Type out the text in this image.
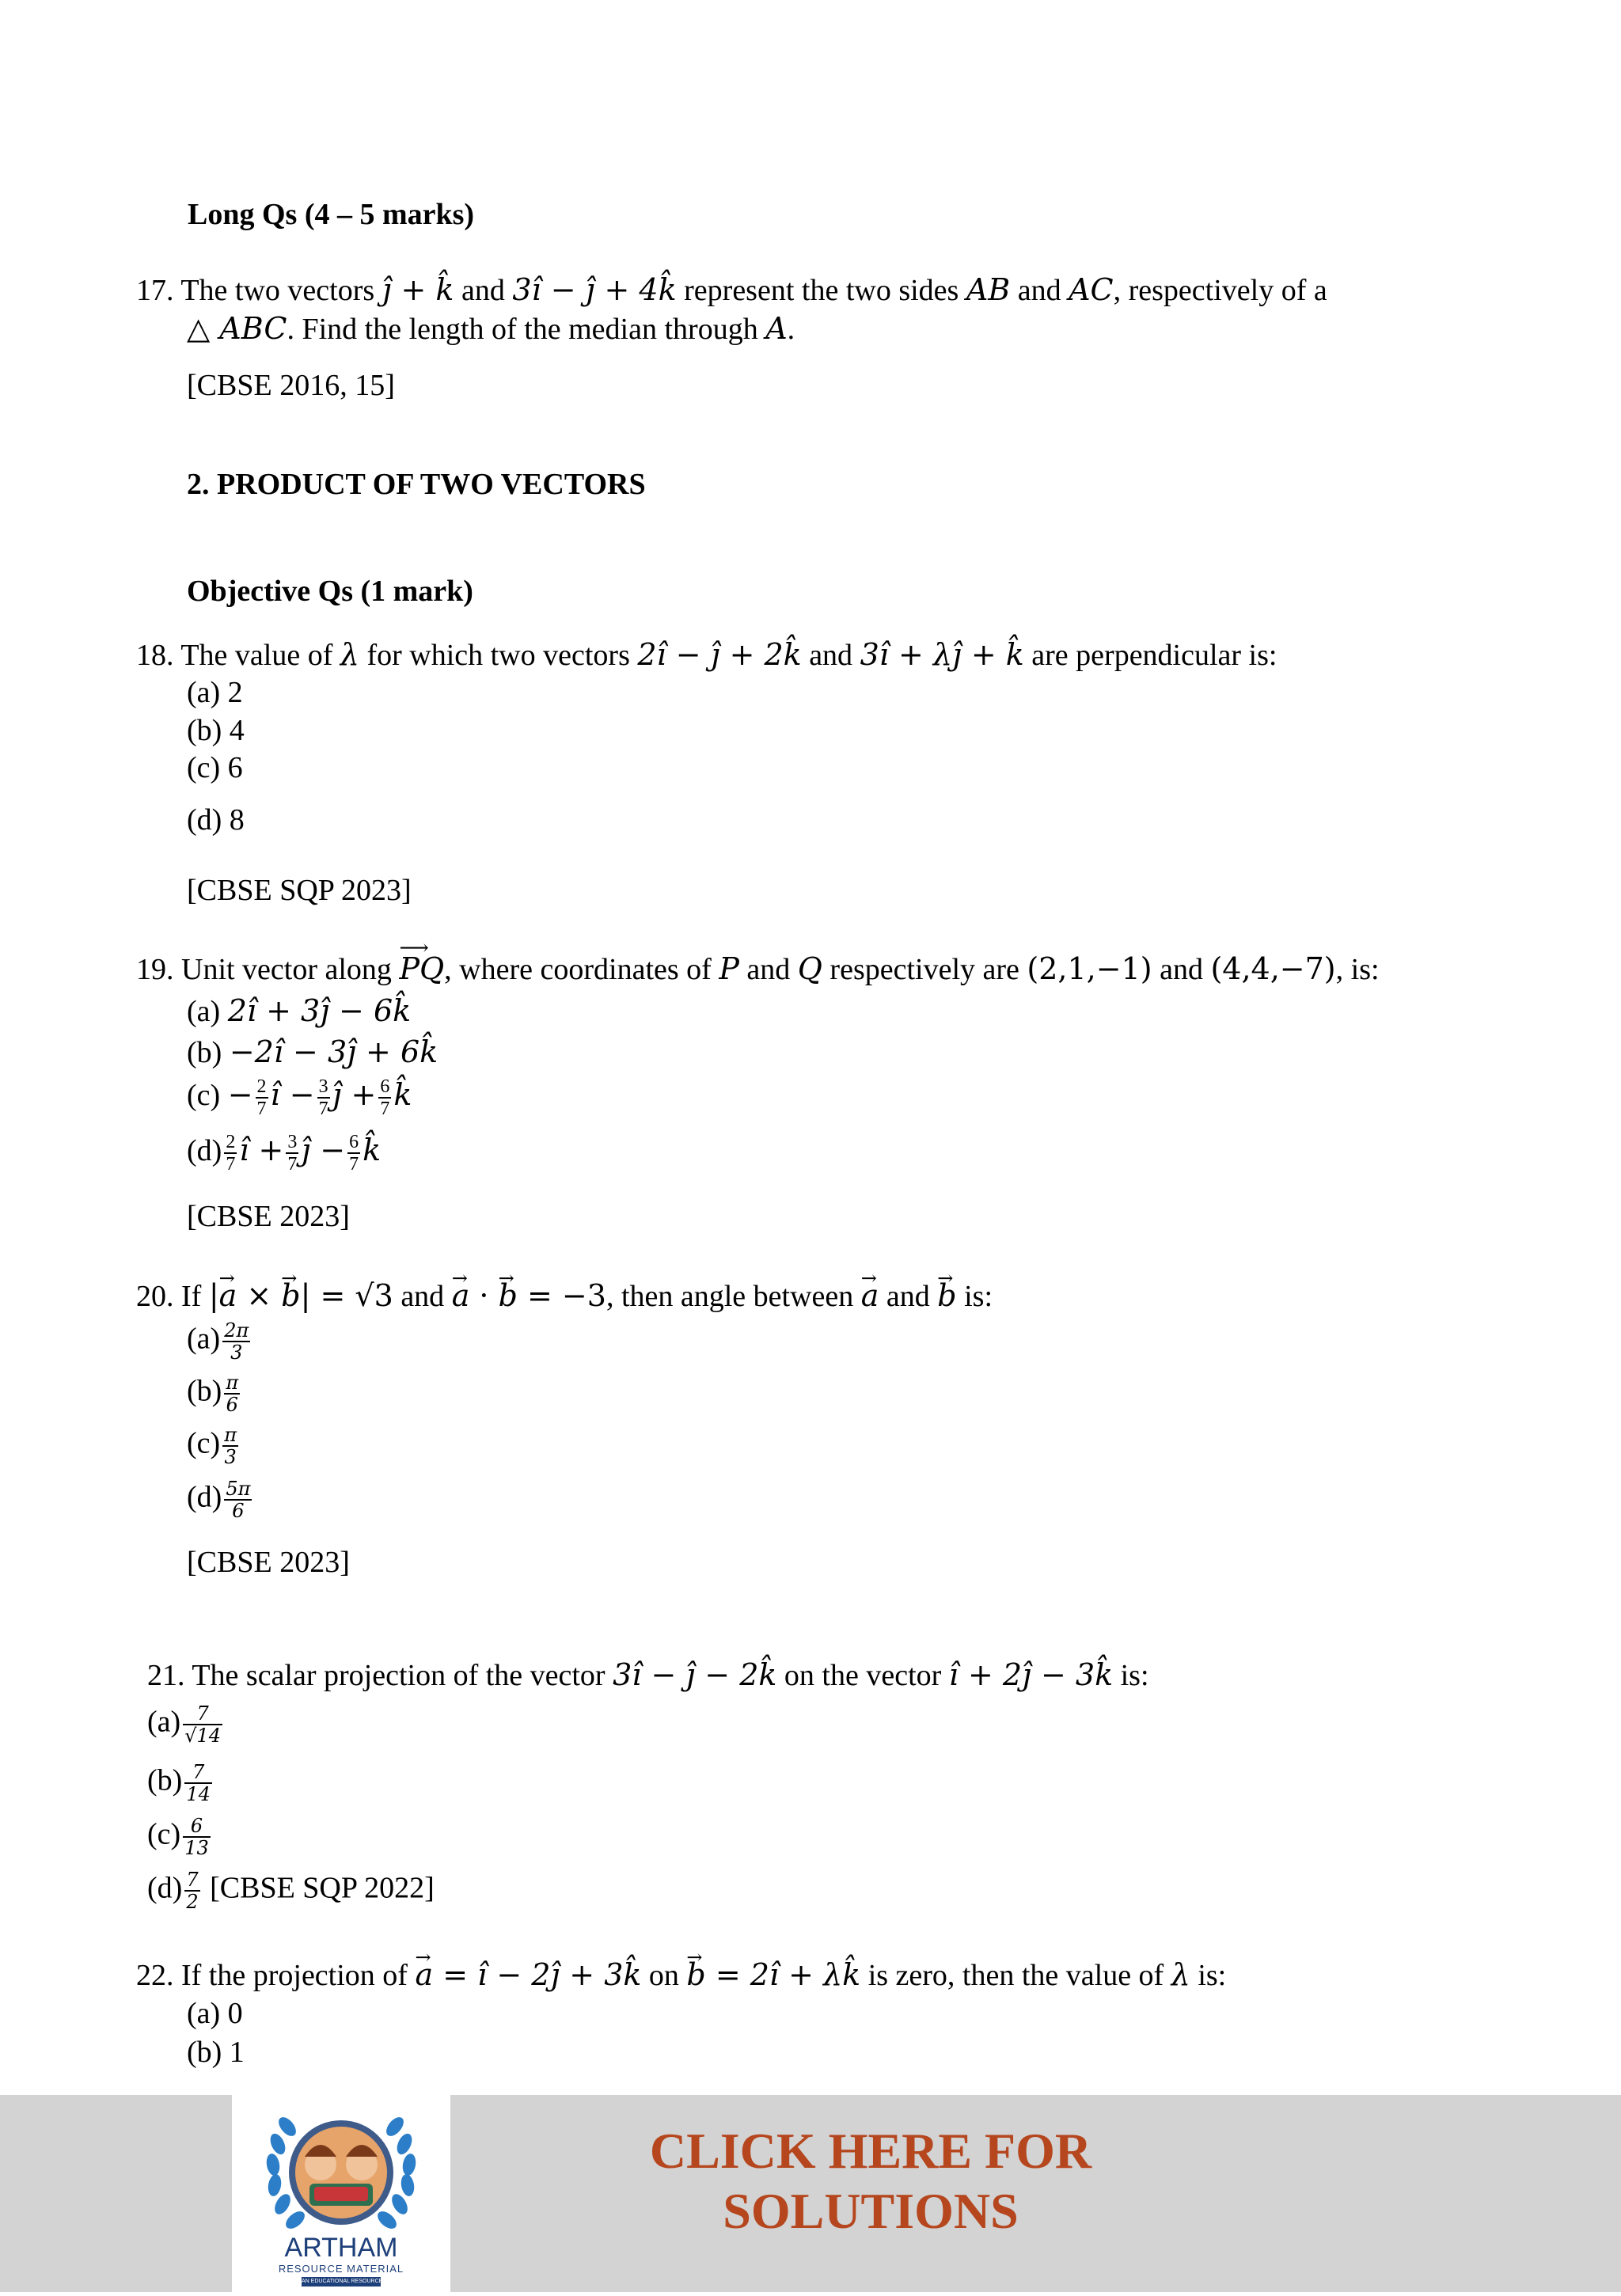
Long Qs (4 – 5 marks)
17. The two vectors ĵ + k̂ and 3î − ĵ + 4k̂ represent the two sides AB and AC, respectively of a
△ ABC. Find the length of the median through A.
[CBSE 2016, 15]
2. PRODUCT OF TWO VECTORS
Objective Qs (1 mark)
18. The value of λ for which two vectors 2î − ĵ + 2k̂ and 3î + λĵ + k̂ are perpendicular is:
(a) 2
(b) 4
(c) 6
(d) 8
[CBSE SQP 2023]
19. Unit vector along ⟶ PQ, where coordinates of P and Q respectively are (2,1,−1) and (4,4,−7), is:
(a) 2î + 3ĵ − 6k̂
(b) −2î − 3ĵ + 6k̂
$(c) - \frac{2}{7}$ î − $\frac{3}{7}$ ĵ + $\frac{6}{7}$ k̂
$(d) \frac{2}{7}$ î + $\frac{3}{7}$ ĵ − $\frac{6}{7}$ k̂
[CBSE 2023]
20. If |→ a × → b| = √3 and → a · → b = −3, then angle between → a and → b is:
$(a) \frac{2\pi}{3}$
$(b) \frac{\pi}{6}$
$(c) \frac{\pi}{3}$
$(d) \frac{5\pi}{6}$
[CBSE 2023]
21. The scalar projection of the vector 3î − ĵ − 2k̂ on the vector î + 2ĵ − 3k̂ is:
$(a) \frac{7}{√14}$
$(b) \frac{7}{14}$
$(c) \frac{6}{13}$
$(d) \frac{7}{2}$ [CBSE SQP 2022]
22. If the projection of → a = î − 2ĵ + 3k̂ on → b = 2î + λk̂ is zero, then the value of λ is:
(a) 0
(b) 1
ARTHAM
RESOURCE MATERIAL
AN EDUCATIONAL RESOURCE
CLICK HERE FOR
SOLUTIONS
